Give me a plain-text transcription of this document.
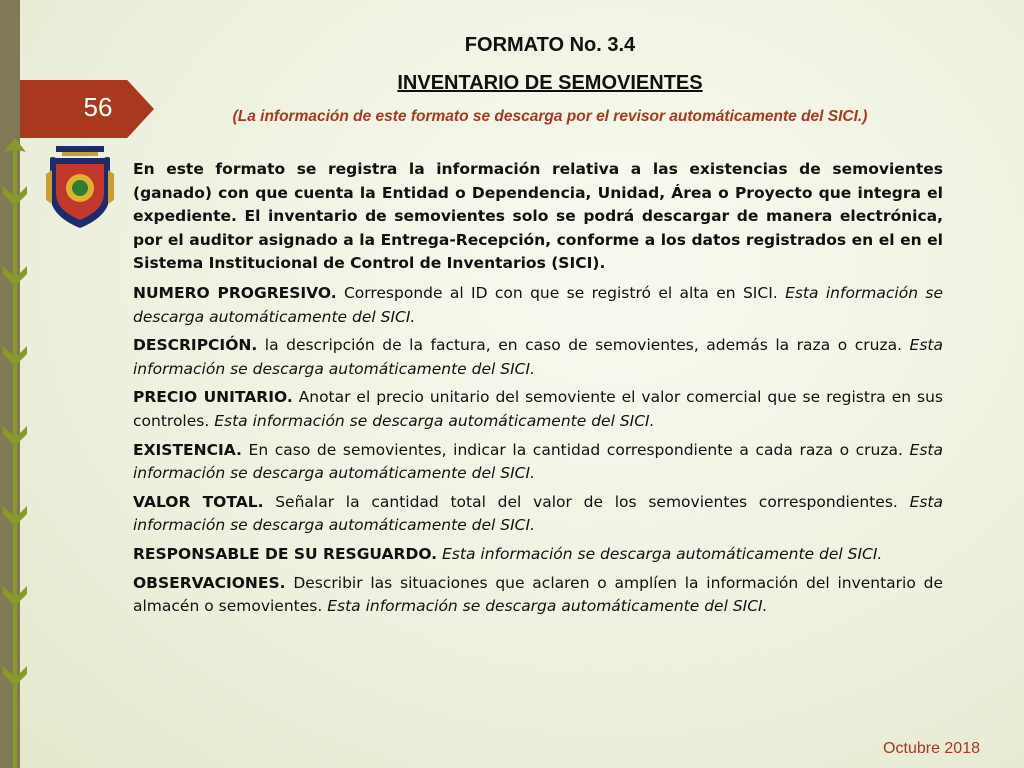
56
FORMATO No. 3.4
INVENTARIO DE SEMOVIENTES
(La información de este formato se descarga por el revisor automáticamente del SICI.)

En este formato se registra la información relativa a las existencias de semovientes (ganado) con que cuenta la Entidad o Dependencia, Unidad, Área o Proyecto que integra el expediente. El inventario de semovientes solo se podrá descargar de manera electrónica, por el auditor asignado a la Entrega-Recepción, conforme a los datos registrados en el en el Sistema Institucional de Control de Inventarios (SICI).

NUMERO PROGRESIVO. Corresponde al ID con que se registró el alta en SICI. Esta información se descarga automáticamente del SICI.

DESCRIPCIÓN. la descripción de la factura, en caso de semovientes, además la raza o cruza. Esta información se descarga automáticamente del SICI.

PRECIO UNITARIO. Anotar el precio unitario del semoviente el valor comercial que se registra en sus controles. Esta información se descarga automáticamente del SICI.

EXISTENCIA. En caso de semovientes, indicar la cantidad correspondiente a cada raza o cruza. Esta información se descarga automáticamente del SICI.

VALOR TOTAL. Señalar la cantidad total del valor de los semovientes correspondientes. Esta información se descarga automáticamente del SICI.

RESPONSABLE DE SU RESGUARDO. Esta información se descarga automáticamente del SICI.

OBSERVACIONES. Describir las situaciones que aclaren o amplíen la información del inventario de almacén o semovientes. Esta información se descarga automáticamente del SICI.

Octubre 2018
